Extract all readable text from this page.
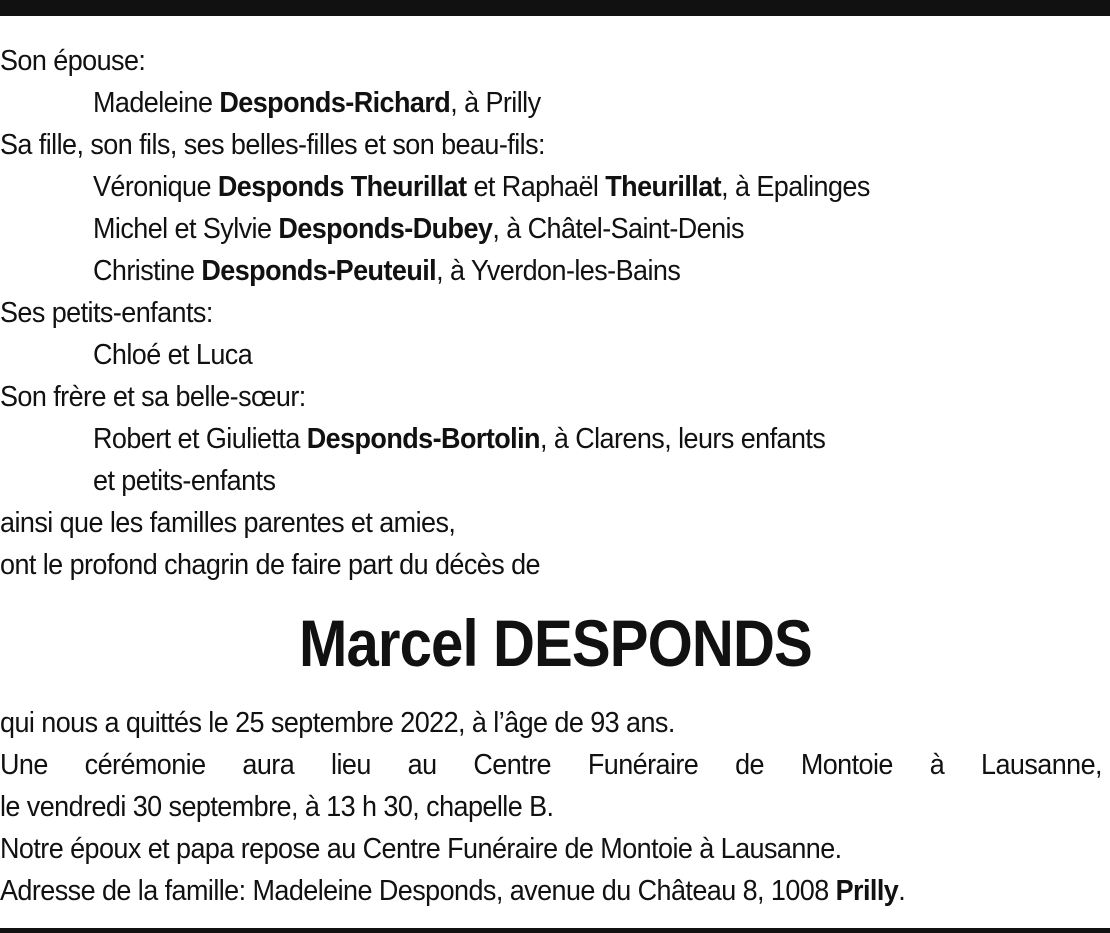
Son épouse:
Madeleine Desponds-Richard, à Prilly
Sa fille, son fils, ses belles-filles et son beau-fils:
Véronique Desponds Theurillat et Raphaël Theurillat, à Epalinges
Michel et Sylvie Desponds-Dubey, à Châtel-Saint-Denis
Christine Desponds-Peuteuil, à Yverdon-les-Bains
Ses petits-enfants:
Chloé et Luca
Son frère et sa belle-sœur:
Robert et Giulietta Desponds-Bortolin, à Clarens, leurs enfants
et petits-enfants
ainsi que les familles parentes et amies,
ont le profond chagrin de faire part du décès de
Marcel DESPONDS
qui nous a quittés le 25 septembre 2022, à l’âge de 93 ans.
Une cérémonie aura lieu au Centre Funéraire de Montoie à Lausanne,
le vendredi 30 septembre, à 13 h 30, chapelle B.
Notre époux et papa repose au Centre Funéraire de Montoie à Lausanne.
Adresse de la famille: Madeleine Desponds, avenue du Château 8, 1008 Prilly.
